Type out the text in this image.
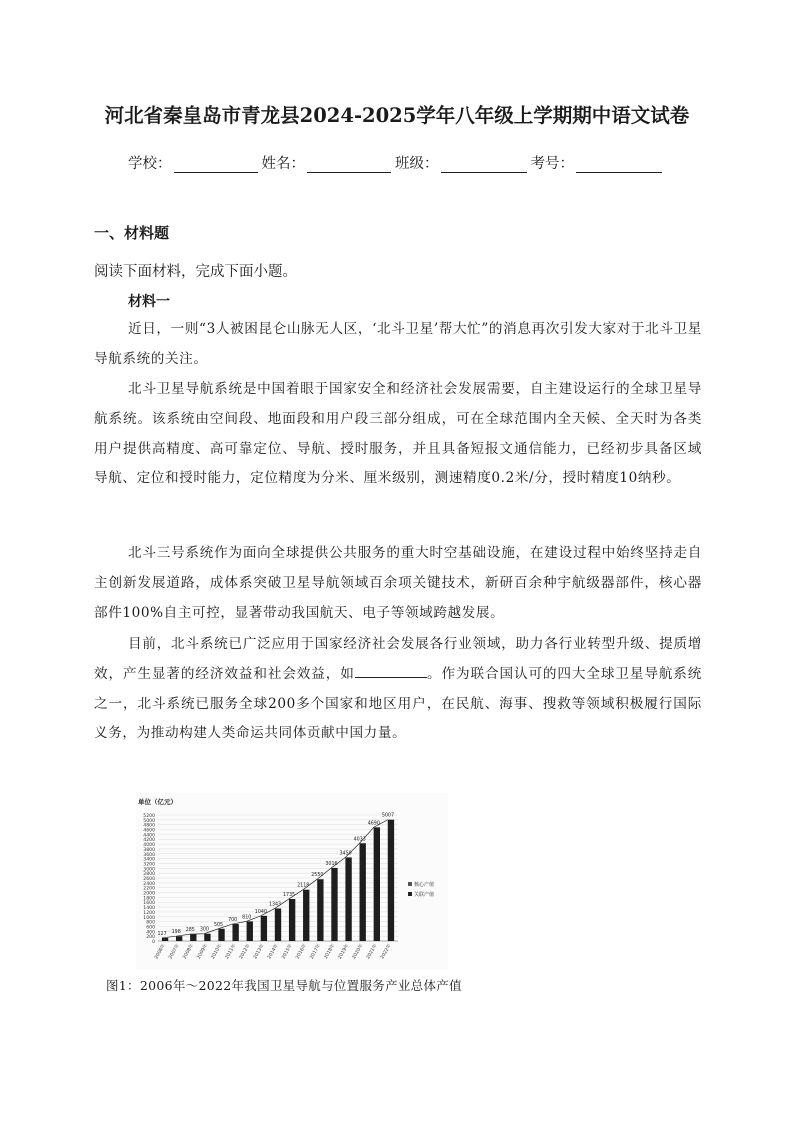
河北省秦皇岛市青龙县2024-2025学年八年级上学期期中语文试卷
学校：	姓名：	班级：	考号：
一、材料题
阅读下面材料，完成下面小题。
材料一

近日，一则“3人被困昆仑山脉无人区，‘北斗卫星’帮大忙”的消息再次引发大家对于北斗卫星导航系统的关注。

北斗卫星导航系统是中国着眼于国家安全和经济社会发展需要，自主建设运行的全球卫星导航系统。该系统由空间段、地面段和用户段三部分组成，可在全球范围内全天候、全天时为各类用户提供高精度、高可靠定位、导航、授时服务，并且具备短报文通信能力，已经初步具备区域导航、定位和授时能力，定位精度为分米、厘米级别，测速精度0.2米/分，授时精度10纳秒。

北斗三号系统作为面向全球提供公共服务的重大时空基础设施，在建设过程中始终坚持走自主创新发展道路，成体系突破卫星导航领域百余项关键技术，新研百余种宇航级器部件，核心器部件100%自主可控，显著带动我国航天、电子等领域跨越发展。

目前，北斗系统已广泛应用于国家经济社会发展各行业领域，助力各行业转型升级、提质增效，产生显著的经济效益和社会效益，如	。作为联合国认可的四大全球卫星导航系统之一，北斗系统已服务全球200多个国家和地区用户，在民航、海事、搜救等领域积极履行国际义务，为推动构建人类命运共同体贡献中国力量。

单位（亿元）
0
200
400
600
800
1000
1200
1400
1600
1800
2000
2200
2400
2600
2800
3000
3200
3400
3600
3800
4000
4200
4400
4600
4800
5000
5200
127
2006年
198
2007年
285
2008年
300
2009年
505
2010年
700
2011年
810
2012年
1040
2013年
1343
2014年
1735
2015年
2118
2016年
2550
2017年
3016
2018年
3450
2019年
4033
2020年
4690
2021年
5007
2022年
核心产值
关联产值
图1：2006年～2022年我国卫星导航与位置服务产业总体产值
